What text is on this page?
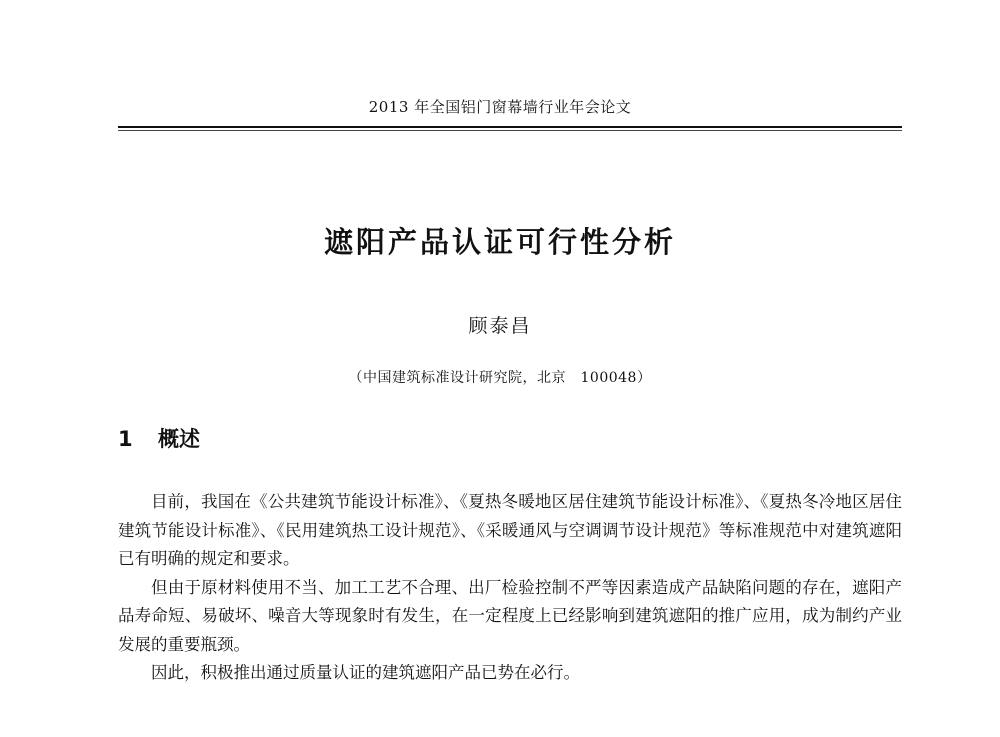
2013 年全国铝门窗幕墙行业年会论文
遮阳产品认证可行性分析
顾泰昌
（中国建筑标准设计研究院，北京　100048）
1 概述

目前，我国在《公共建筑节能设计标准》、《夏热冬暖地区居住建筑节能设计标准》、《夏热冬冷地区居住建筑节能设计标准》、《民用建筑热工设计规范》、《采暖通风与空调调节设计规范》等标准规范中对建筑遮阳已有明确的规定和要求。

但由于原材料使用不当、加工工艺不合理、出厂检验控制不严等因素造成产品缺陷问题的存在，遮阳产品寿命短、易破坏、噪音大等现象时有发生，在一定程度上已经影响到建筑遮阳的推广应用，成为制约产业发展的重要瓶颈。

因此，积极推出通过质量认证的建筑遮阳产品已势在必行。
